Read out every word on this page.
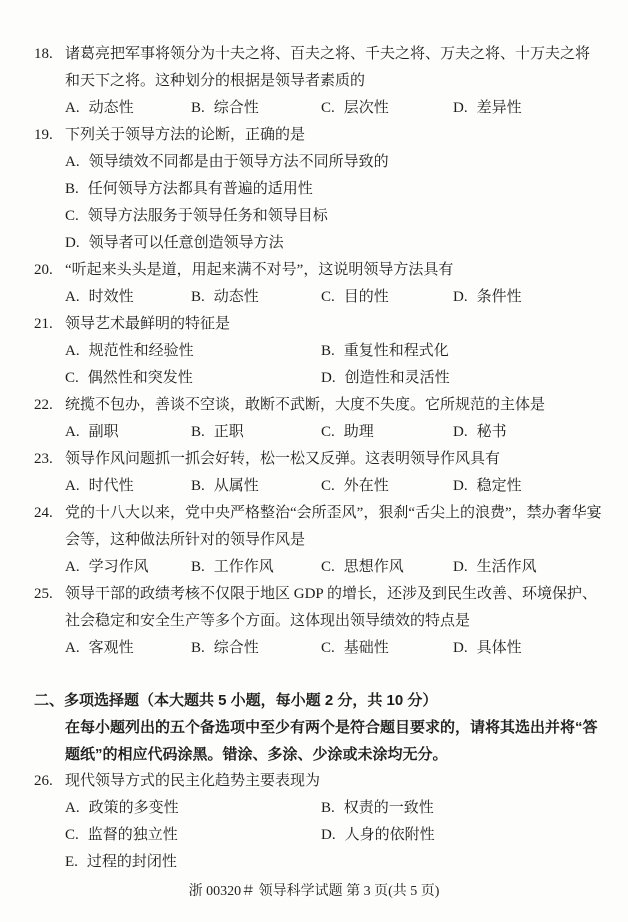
18. 诸葛亮把军事将领分为十夫之将、百夫之将、千夫之将、万夫之将、十万夫之将和天下之将。这种划分的根据是领导者素质的
A. 动态性	B. 综合性	C. 层次性	D. 差异性
19. 下列关于领导方法的论断，正确的是
A. 领导绩效不同都是由于领导方法不同所导致的
B. 任何领导方法都具有普遍的适用性
C. 领导方法服务于领导任务和领导目标
D. 领导者可以任意创造领导方法
20. “听起来头头是道，用起来满不对号”，这说明领导方法具有
A. 时效性	B. 动态性	C. 目的性	D. 条件性
21. 领导艺术最鲜明的特征是
A. 规范性和经验性	B. 重复性和程式化
C. 偶然性和突发性	D. 创造性和灵活性
22. 统揽不包办，善谈不空谈，敢断不武断，大度不失度。它所规范的主体是
A. 副职	B. 正职	C. 助理	D. 秘书
23. 领导作风问题抓一抓会好转，松一松又反弹。这表明领导作风具有
A. 时代性	B. 从属性	C. 外在性	D. 稳定性
24. 党的十八大以来，党中央严格整治“会所歪风”，狠刹“舌尖上的浪费”，禁办奢华宴会等，这种做法所针对的领导作风是
A. 学习作风	B. 工作作风	C. 思想作风	D. 生活作风
25. 领导干部的政绩考核不仅限于地区 GDP 的增长，还涉及到民生改善、环境保护、社会稳定和安全生产等多个方面。这体现出领导绩效的特点是
A. 客观性	B. 综合性	C. 基础性	D. 具体性
二、多项选择题（本大题共 5 小题，每小题 2 分，共 10 分）
在每小题列出的五个备选项中至少有两个是符合题目要求的，请将其选出并将“答题纸”的相应代码涂黑。错涂、多涂、少涂或未涂均无分。
26. 现代领导方式的民主化趋势主要表现为
A. 政策的多变性	B. 权责的一致性
C. 监督的独立性	D. 人身的依附性
E. 过程的封闭性
浙 00320＃ 领导科学试题 第 3 页(共 5 页)
